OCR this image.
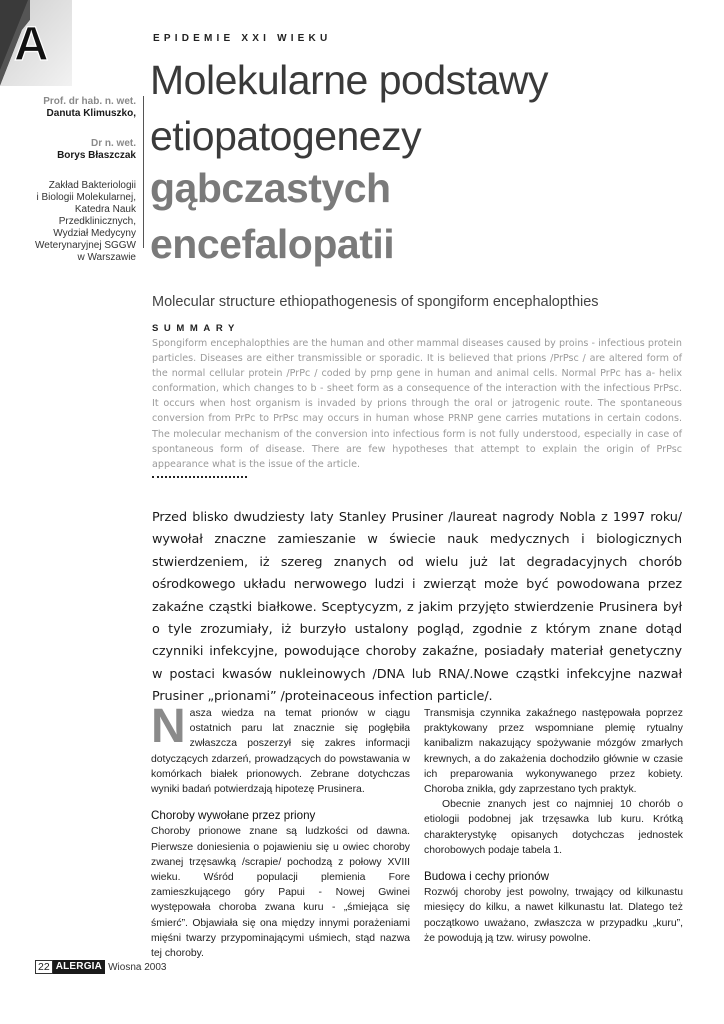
A
Prof. dr hab. n. wet.
Danuta Klimuszko,
Dr n. wet.
Borys Błaszczak
Zakład Bakteriologii
i Biologii Molekularnej,
Katedra Nauk
Przedklinicznych,
Wydział Medycyny
Weterynaryjnej SGGW
w Warszawie
EPIDEMIE XXI WIEKU
Molekularne podstawy
etiopatogenezy
gąbczastych
encefalopatii
Molecular structure ethiopathogenesis of spongiform encephalopthies
SUMMARY
Spongiform encephalopthies are the human and other mammal diseases caused by proins - infectious protein particles. Diseases are either transmissible or sporadic. It is believed that prions /PrPsc / are altered form of the normal cellular protein /PrPc / coded by prnp gene in human and animal cells. Normal PrPc has a- helix conformation, which changes to b - sheet form as a consequence of the interaction with the infectious PrPsc. It occurs when host organism is invaded by prions through the oral or jatrogenic route. The spontaneous conversion from PrPc to PrPsc may occurs in human whose PRNP gene carries mutations in certain codons. The molecular mechanism of the conversion into infectious form is not fully understood, especially in case of spontaneous form of disease. There are few hypotheses that attempt to explain the origin of PrPsc appearance what is the issue of the article.
Przed blisko dwudziesty laty Stanley Prusiner /laureat nagrody Nobla z 1997 roku/ wywołał znaczne zamieszanie w świecie nauk medycznych i biologicznych stwierdzeniem, iż szereg znanych od wielu już lat degradacyjnych chorób ośrodkowego układu nerwowego ludzi i zwierząt może być powodowana przez zakaźne cząstki białkowe. Sceptycyzm, z jakim przyjęto stwierdzenie Prusinera był o tyle zrozumiały, iż burzyło ustalony pogląd, zgodnie z którym znane dotąd czynniki infekcyjne, powodujące choroby zakaźne, posiadały materiał genetyczny w postaci kwasów nukleinowych /DNA lub RNA/.Nowe cząstki infekcyjne nazwał Prusiner „prionami” /proteinaceous infection particle/.

Nasza wiedza na temat prionów w ciągu ostatnich paru lat znacznie się pogłębiła zwłaszcza poszerzył się zakres informacji dotyczących zdarzeń, prowadzących do powstawania w komórkach białek prionowych. Zebrane dotychczas wyniki badań potwierdzają hipotezę Prusinera.

Choroby wywołane przez priony

Choroby prionowe znane są ludzkości od dawna. Pierwsze doniesienia o pojawieniu się u owiec choroby zwanej trzęsawką /scrapie/ pochodzą z połowy XVIII wieku. Wśród populacji plemienia Fore zamieszkującego góry Papui - Nowej Gwinei występowała choroba zwana kuru - „śmiejąca się śmierć”. Objawiała się ona między innymi porażeniami mięśni twarzy przypominającymi uśmiech, stąd nazwa tej choroby.

Transmisja czynnika zakaźnego następowała poprzez praktykowany przez wspomniane plemię rytualny kanibalizm nakazujący spożywanie mózgów zmarłych krewnych, a do zakażenia dochodziło głównie w czasie ich preparowania wykonywanego przez kobiety. Choroba znikła, gdy zaprzestano tych praktyk.

Obecnie znanych jest co najmniej 10 chorób o etiologii podobnej jak trzęsawka lub kuru. Krótką charakterystykę opisanych dotychczas jednostek chorobowych podaje tabela 1.

Budowa i cechy prionów

Rozwój choroby jest powolny, trwający od kilkunastu miesięcy do kilku, a nawet kilkunastu lat. Dlatego też początkowo uważano, zwłaszcza w przypadku „kuru”, że powodują ją tzw. wirusy powolne.

22 ALERGIA Wiosna 2003
